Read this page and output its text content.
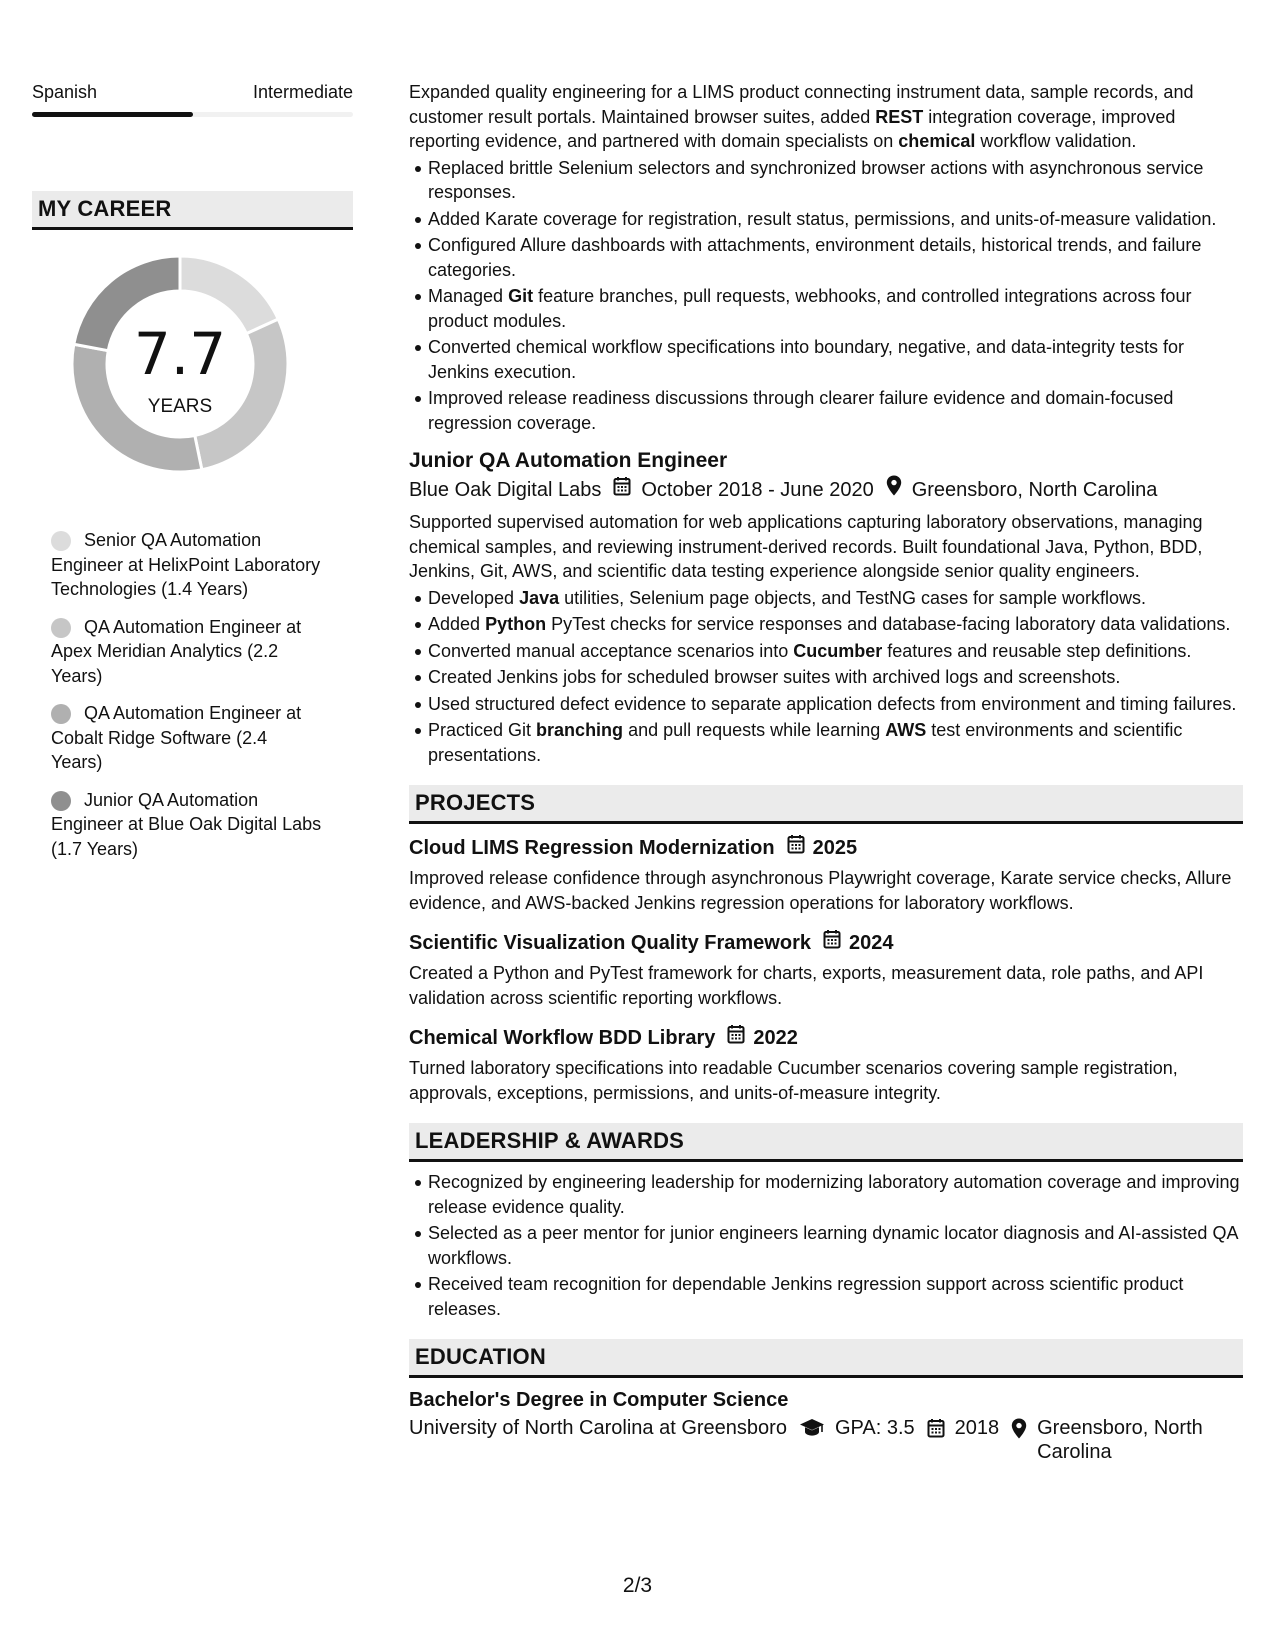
Spanish	Intermediate
MY CAREER
7.7
YEARS
Senior QA Automation Engineer at HelixPoint Laboratory Technologies (1.4 Years)
QA Automation Engineer at Apex Meridian Analytics (2.2 Years)
QA Automation Engineer at Cobalt Ridge Software (2.4 Years)
Junior QA Automation Engineer at Blue Oak Digital Labs (1.7 Years)

Expanded quality engineering for a LIMS product connecting instrument data, sample records, and customer result portals. Maintained browser suites, added REST integration coverage, improved reporting evidence, and partnered with domain specialists on chemical workflow validation.

Replaced brittle Selenium selectors and synchronized browser actions with asynchronous service responses.
Added Karate coverage for registration, result status, permissions, and units-of-measure validation.
Configured Allure dashboards with attachments, environment details, historical trends, and failure categories.
Managed Git feature branches, pull requests, webhooks, and controlled integrations across four product modules.
Converted chemical workflow specifications into boundary, negative, and data-integrity tests for Jenkins execution.
Improved release readiness discussions through clearer failure evidence and domain-focused regression coverage.
Junior QA Automation Engineer
Blue Oak Digital Labs October 2018 - June 2020 Greensboro, North Carolina

Supported supervised automation for web applications capturing laboratory observations, managing chemical samples, and reviewing instrument-derived records. Built foundational Java, Python, BDD, Jenkins, Git, AWS, and scientific data testing experience alongside senior quality engineers.

Developed Java utilities, Selenium page objects, and TestNG cases for sample workflows.
Added Python PyTest checks for service responses and database-facing laboratory data validations.
Converted manual acceptance scenarios into Cucumber features and reusable step definitions.
Created Jenkins jobs for scheduled browser suites with archived logs and screenshots.
Used structured defect evidence to separate application defects from environment and timing failures.
Practiced Git branching and pull requests while learning AWS test environments and scientific presentations.
PROJECTS
Cloud LIMS Regression Modernization 2025

Improved release confidence through asynchronous Playwright coverage, Karate service checks, Allure evidence, and AWS-backed Jenkins regression operations for laboratory workflows.

Scientific Visualization Quality Framework 2024

Created a Python and PyTest framework for charts, exports, measurement data, role paths, and API validation across scientific reporting workflows.

Chemical Workflow BDD Library 2022

Turned laboratory specifications into readable Cucumber scenarios covering sample registration, approvals, exceptions, permissions, and units-of-measure integrity.

LEADERSHIP & AWARDS
Recognized by engineering leadership for modernizing laboratory automation coverage and improving release evidence quality.
Selected as a peer mentor for junior engineers learning dynamic locator diagnosis and AI-assisted QA workflows.
Received team recognition for dependable Jenkins regression support across scientific product releases.
EDUCATION
Bachelor's Degree in Computer Science
University of North Carolina at Greensboro GPA: 3.5 2018 Greensboro, North Carolina
2/3
